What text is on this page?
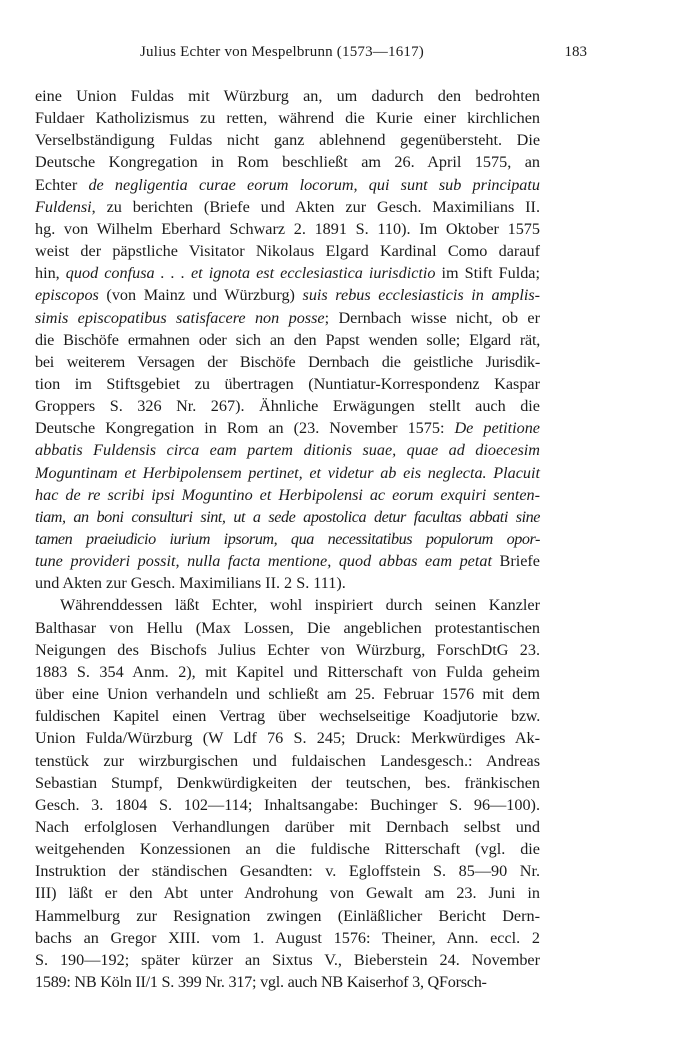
Julius Echter von Mespelbrunn (1573—1617)	183
eine Union Fuldas mit Würzburg an, um dadurch den bedrohten
Fuldaer Katholizismus zu retten, während die Kurie einer kirchlichen
Verselbständigung Fuldas nicht ganz ablehnend gegenübersteht. Die
Deutsche Kongregation in Rom beschließt am 26. April 1575, an
Echter de negligentia curae eorum locorum, qui sunt sub principatu
Fuldensi, zu berichten (Briefe und Akten zur Gesch. Maximilians II.
hg. von Wilhelm Eberhard Schwarz 2. 1891 S. 110). Im Oktober 1575
weist der päpstliche Visitator Nikolaus Elgard Kardinal Como darauf
hin, quod confusa . . . et ignota est ecclesiastica iurisdictio im Stift Fulda;
episcopos (von Mainz und Würzburg) suis rebus ecclesiasticis in amplis-
simis episcopatibus satisfacere non posse; Dernbach wisse nicht, ob er
die Bischöfe ermahnen oder sich an den Papst wenden solle; Elgard rät,
bei weiterem Versagen der Bischöfe Dernbach die geistliche Jurisdik-
tion im Stiftsgebiet zu übertragen (Nuntiatur-Korrespondenz Kaspar
Groppers S. 326 Nr. 267). Ähnliche Erwägungen stellt auch die
Deutsche Kongregation in Rom an (23. November 1575: De petitione
abbatis Fuldensis circa eam partem ditionis suae, quae ad dioecesim
Moguntinam et Herbipolensem pertinet, et videtur ab eis neglecta. Placuit
hac de re scribi ipsi Moguntino et Herbipolensi ac eorum exquiri senten-
tiam, an boni consulturi sint, ut a sede apostolica detur facultas abbati sine
tamen praeiudicio iurium ipsorum, qua necessitatibus populorum opor-
tune provideri possit, nulla facta mentione, quod abbas eam petat Briefe
und Akten zur Gesch. Maximilians II. 2 S. 111).
Währenddessen läßt Echter, wohl inspiriert durch seinen Kanzler
Balthasar von Hellu (Max Lossen, Die angeblichen protestantischen
Neigungen des Bischofs Julius Echter von Würzburg, ForschDtG 23.
1883 S. 354 Anm. 2), mit Kapitel und Ritterschaft von Fulda geheim
über eine Union verhandeln und schließt am 25. Februar 1576 mit dem
fuldischen Kapitel einen Vertrag über wechselseitige Koadjutorie bzw.
Union Fulda/Würzburg (W Ldf 76 S. 245; Druck: Merkwürdiges Ak-
tenstück zur wirzburgischen und fuldaischen Landesgesch.: Andreas
Sebastian Stumpf, Denkwürdigkeiten der teutschen, bes. fränkischen
Gesch. 3. 1804 S. 102—114; Inhaltsangabe: Buchinger S. 96—100).
Nach erfolglosen Verhandlungen darüber mit Dernbach selbst und
weitgehenden Konzessionen an die fuldische Ritterschaft (vgl. die
Instruktion der ständischen Gesandten: v. Egloffstein S. 85—90 Nr.
III) läßt er den Abt unter Androhung von Gewalt am 23. Juni in
Hammelburg zur Resignation zwingen (Einläßlicher Bericht Dern-
bachs an Gregor XIII. vom 1. August 1576: Theiner, Ann. eccl. 2
S. 190—192; später kürzer an Sixtus V., Bieberstein 24. November
1589: NB Köln II/1 S. 399 Nr. 317; vgl. auch NB Kaiserhof 3, QForsch-
